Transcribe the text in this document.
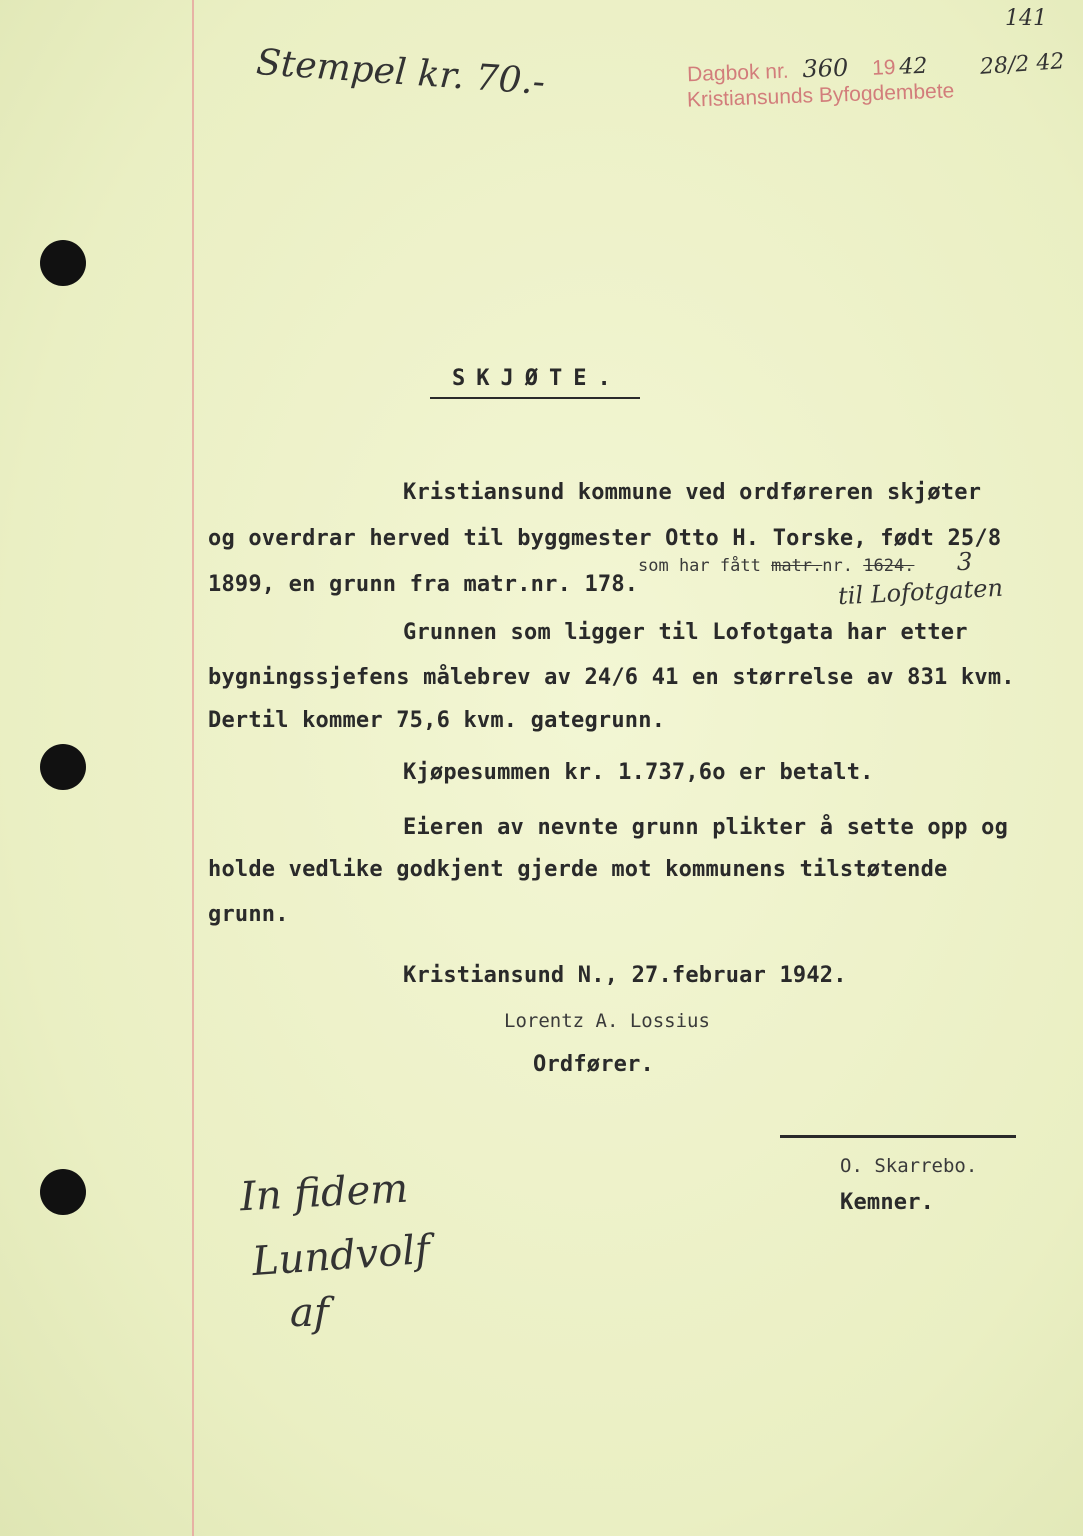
Stempel kr. 70.-
141
Dagbok nr. 360 19 42 28/2 42
Kristiansunds Byfogdembete
SKJØTE.
Kristiansund kommune ved ordføreren skjøter
og overdrar herved til byggmester Otto H. Torske, født 25/8
1899, en grunn fra matr.nr. 178.
som har fått matr.nr. 1624. 3
til Lofotgaten
Grunnen som ligger til Lofotgata har etter
bygningssjefens målebrev av 24/6 41 en størrelse av 831 kvm.
Dertil kommer 75,6 kvm. gategrunn.
Kjøpesummen kr. 1.737,6o er betalt.
Eieren av nevnte grunn plikter å sette opp og
holde vedlike godkjent gjerde mot kommunens tilstøtende
grunn.
Kristiansund N., 27.februar 1942.
Lorentz A. Lossius
Ordfører.
O. Skarrebo.
Kemner.
In fidem
Lundvolf
af
